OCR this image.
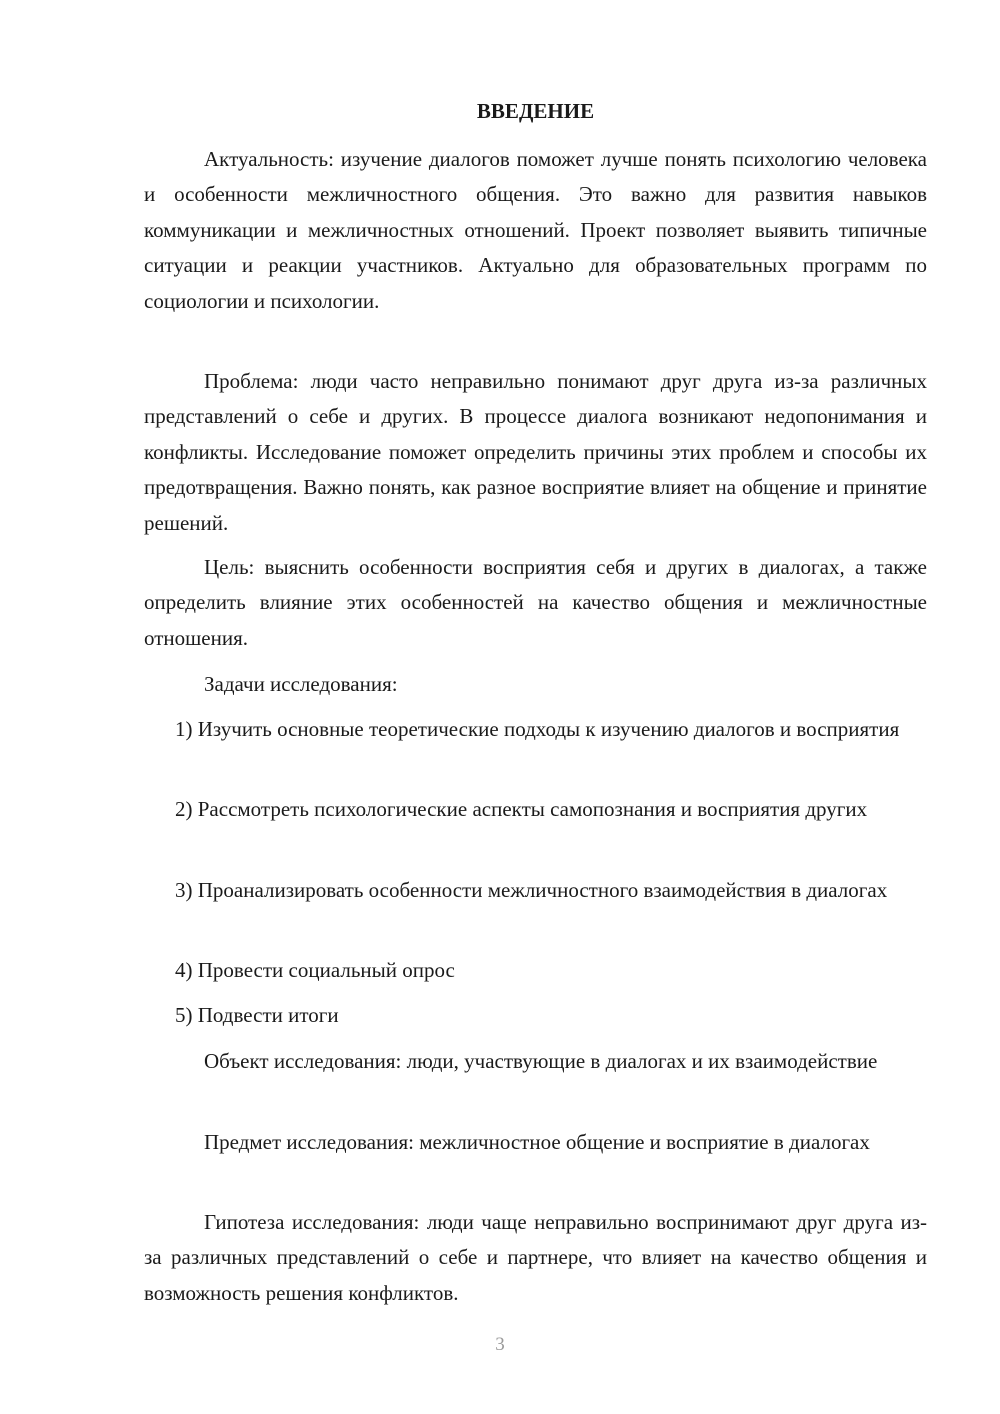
ВВЕДЕНИЕ

Актуальность: изучение диалогов поможет лучше понять психологию человека и особенности межличностного общения. Это важно для развития навыков коммуникации и межличностных отношений. Проект позволяет выявить типичные ситуации и реакции участников. Актуально для образовательных программ по социологии и психологии.

Проблема: люди часто неправильно понимают друг друга из-за различных представлений о себе и других. В процессе диалога возникают недопонимания и конфликты. Исследование поможет определить причины этих проблем и способы их предотвращения. Важно понять, как разное восприятие влияет на общение и принятие решений.

Цель: выяснить особенности восприятия себя и других в диалогах, а также определить влияние этих особенностей на качество общения и межличностные отношения.

Задачи исследования:

1) Изучить основные теоретические подходы к изучению диалогов и восприятия

2) Рассмотреть психологические аспекты самопознания и восприятия других

3) Проанализировать особенности межличностного взаимодействия в диалогах

4) Провести социальный опрос

5) Подвести итоги

Объект исследования: люди, участвующие в диалогах и их взаимодействие

Предмет исследования: межличностное общение и восприятие в диалогах

Гипотеза исследования: люди чаще неправильно воспринимают друг друга из-за различных представлений о себе и партнере, что влияет на качество общения и возможность решения конфликтов.

3
